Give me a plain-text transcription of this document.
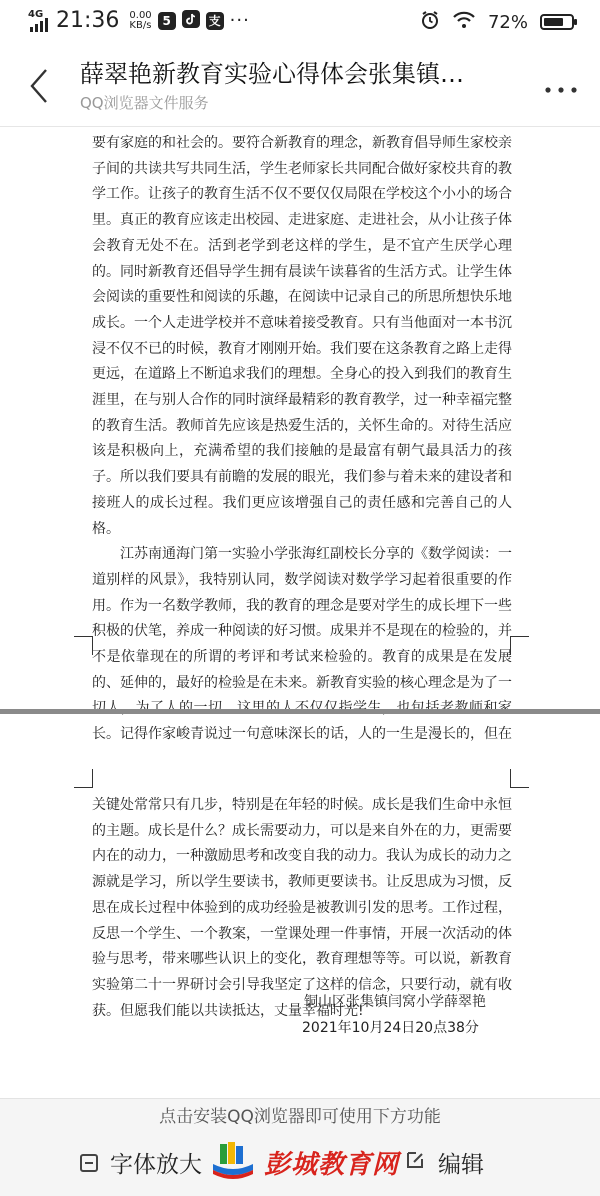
4G 21:36 0.00
KB/s 5	支 ···	72%
薛翠艳新教育实验心得体会张集镇…
QQ浏览器文件服务

要有家庭的和社会的。要符合新教育的理念，新教育倡导师生家校亲子间的共读共写共同生活，学生老师家长共同配合做好家校共育的教学工作。让孩子的教育生活不仅不要仅仅局限在学校这个小小的场合里。真正的教育应该走出校园、走进家庭、走进社会，从小让孩子体会教育无处不在。活到老学到老这样的学生，是不宜产生厌学心理的。同时新教育还倡导学生拥有晨读午读暮省的生活方式。让学生体会阅读的重要性和阅读的乐趣，在阅读中记录自己的所思所想快乐地成长。一个人走进学校并不意味着接受教育。只有当他面对一本书沉浸不仅不已的时候，教育才刚刚开始。我们要在这条教育之路上走得更远，在道路上不断追求我们的理想。全身心的投入到我们的教育生涯里，在与别人合作的同时演绎最精彩的教育教学，过一种幸福完整的教育生活。教师首先应该是热爱生活的，关怀生命的。对待生活应该是积极向上，充满希望的我们接触的是最富有朝气最具活力的孩子。所以我们要具有前瞻的发展的眼光，我们参与着未来的建设者和接班人的成长过程。我们更应该增强自己的责任感和完善自己的人格。

江苏南通海门第一实验小学张海红副校长分享的《数学阅读：一道别样的风景》，我特别认同，数学阅读对数学学习起着很重要的作用。作为一名数学教师，我的教育的理念是要对学生的成长埋下一些积极的伏笔，养成一种阅读的好习惯。成果并不是现在的检验的，并不是依靠现在的所谓的考评和考试来检验的。教育的成果是在发展的、延伸的，最好的检验是在未来。新教育实验的核心理念是为了一 长。记得作家峻青说过一句意味深长的话，人的一生是漫长的，但在

关键处常常只有几步，特别是在年轻的时候。成长是我们生命中永恒的主题。成长是什么？成长需要动力，可以是来自外在的力，更需要内在的动力，一种激励思考和改变自我的动力。我认为成长的动力之源就是学习，所以学生要读书，教师更要读书。让反思成为习惯，反思在成长过程中体验到的成功经验是被教训引发的思考。工作过程，反思一个学生、一个教案，一堂课处理一件事情，开展一次活动的体验与思考，带来哪些认识上的变化，教育理想等等。可以说，新教育实验第二十一界研讨会引导我坚定了这样的信念，只要行动，就有收获。但愿我们能以共读抵达，丈量幸福时光!

铜山区张集镇闫窝小学 薛翠艳
2021年10月24日20点38分
点击安装QQ浏览器即可使用下方功能
字体放大	编辑
彭城教育网
